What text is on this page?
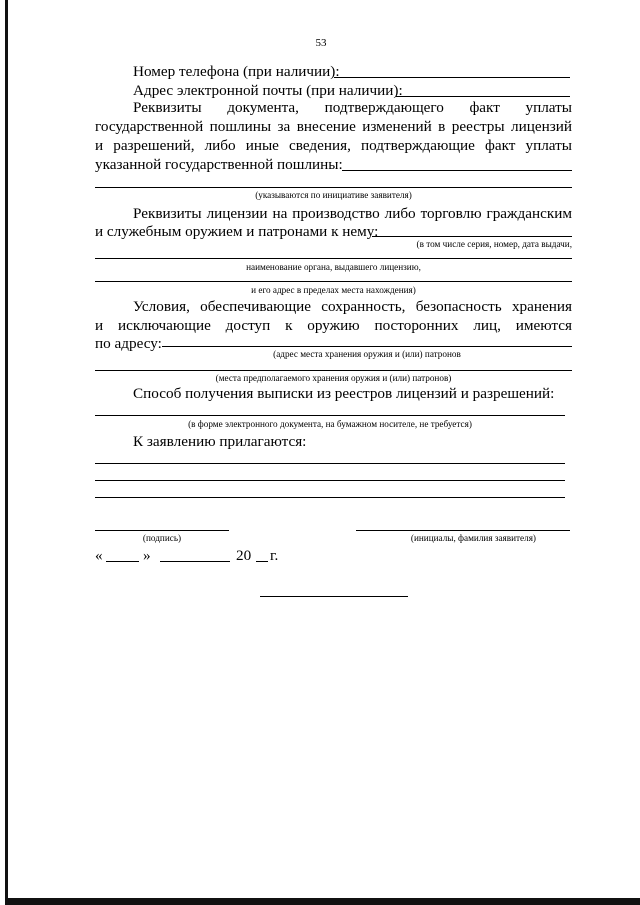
53
Номер телефона (при наличии):
Адрес электронной почты (при наличии):
Реквизиты документа, подтверждающего факт уплаты
государственной пошлины за внесение изменений в реестры лицензий
и разрешений, либо иные сведения, подтверждающие факт уплаты
указанной государственной пошлины:
(указываются по инициативе заявителя)
Реквизиты лицензии на производство либо торговлю гражданским
и служебным оружием и патронами к нему:
(в том числе серия, номер, дата выдачи,
наименование органа, выдавшего лицензию,
и его адрес в пределах места нахождения)
Условия, обеспечивающие сохранность, безопасность хранения
и исключающие доступ к оружию посторонних лиц, имеются
по адресу:
(адрес места хранения оружия и (или) патронов
(места предполагаемого хранения оружия и (или) патронов)
Способ получения выписки из реестров лицензий и разрешений:
(в форме электронного документа, на бумажном носителе, не требуется)
К заявлению прилагаются:
(подпись)	(инициалы, фамилия заявителя)
«	»	20 г.
